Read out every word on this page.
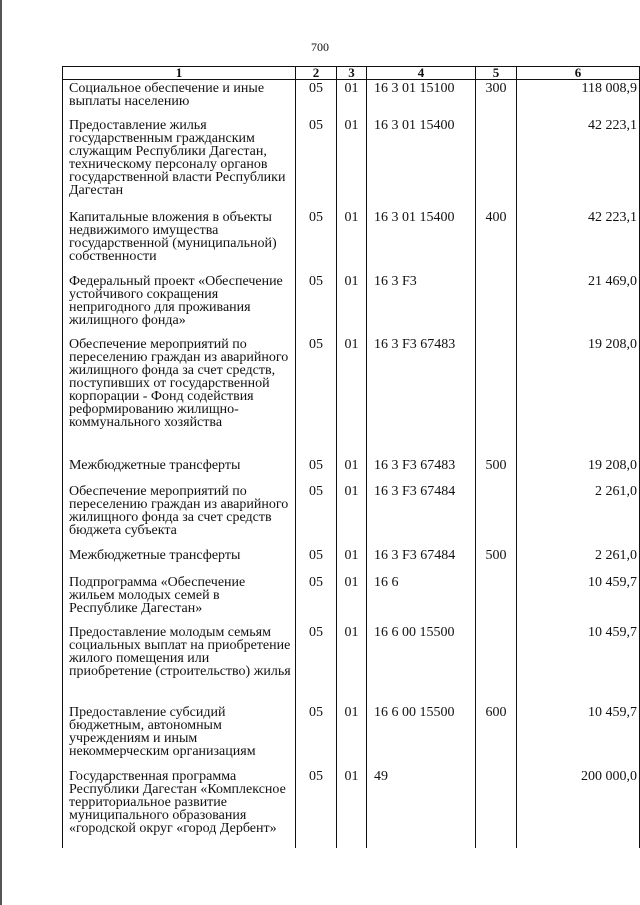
700
1	2	3	4	5	6
Социальное обеспечение и иные выплаты населению	05	01	16 3 01 15100	300	118 008,9
Предоставление жилья государственным гражданским служащим Республики Дагестан, техническому персоналу органов государственной власти Республики Дагестан	05	01	16 3 01 15400		42 223,1
Капитальные вложения в объекты недвижимого имущества государственной (муниципальной) собственности	05	01	16 3 01 15400	400	42 223,1
Федеральный проект «Обеспечение устойчивого сокращения непригодного для проживания жилищного фонда»	05	01	16 3 F3		21 469,0
Обеспечение мероприятий по переселению граждан из аварийного жилищного фонда за счет средств, поступивших от государственной корпорации - Фонд содействия реформированию жилищно-коммунального хозяйства	05	01	16 3 F3 67483		19 208,0
Межбюджетные трансферты	05	01	16 3 F3 67483	500	19 208,0
Обеспечение мероприятий по переселению граждан из аварийного жилищного фонда за счет средств бюджета субъекта	05	01	16 3 F3 67484		2 261,0
Межбюджетные трансферты	05	01	16 3 F3 67484	500	2 261,0
Подпрограмма «Обеспечение жильем молодых семей в Республике Дагестан»	05	01	16 6		10 459,7
Предоставление молодым семьям социальных выплат на приобретение жилого помещения или приобретение (строительство) жилья	05	01	16 6 00 15500		10 459,7
Предоставление субсидий бюджетным, автономным учреждениям и иным некоммерческим организациям	05	01	16 6 00 15500	600	10 459,7
Государственная программа Республики Дагестан «Комплексное территориальное развитие муниципального образования «городской округ «город Дербент»	05	01	49		200 000,0
